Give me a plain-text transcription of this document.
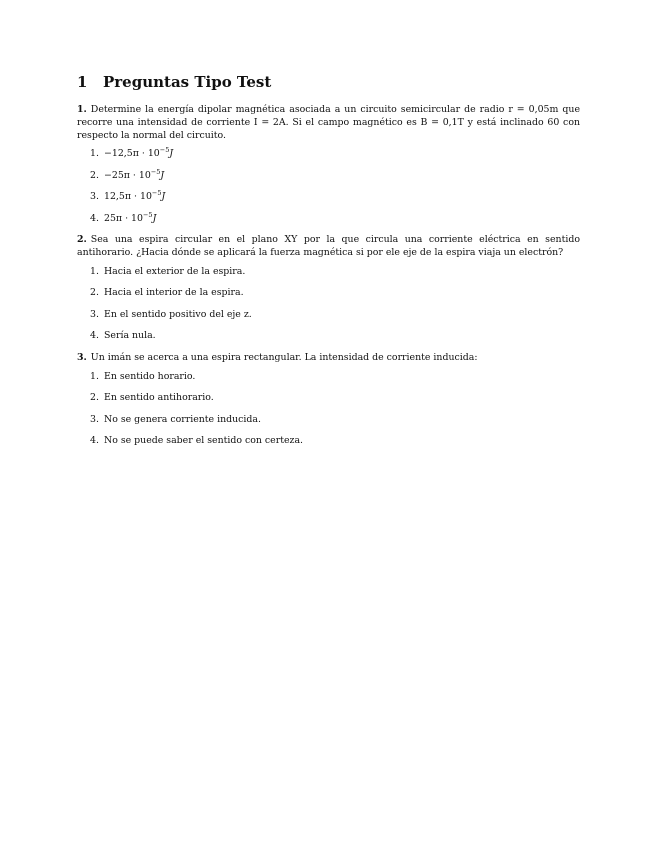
1 Preguntas Tipo Test

1. Determine la energía dipolar magnética asociada a un circuito semicircular de radio r = 0,05m que recorre una intensidad de corriente I = 2A. Si el campo magnético es B = 0,1T y está inclinado 60 con respecto la normal del circuito.

1. $-12,5\pi \cdot 10^{-5}J$
2. $-25\pi \cdot 10^{-5}J$
3. $12,5\pi \cdot 10^{-5}J$
4. $25\pi \cdot 10^{-5}J$

2. Sea una espira circular en el plano XY por la que circula una corriente eléctrica en sentido antihorario. ¿Hacia dónde se aplicará la fuerza magnética si por ele eje de la espira viaja un electrón?

1. Hacia el exterior de la espira.
2. Hacia el interior de la espira.
3. En el sentido positivo del eje z.
4. Sería nula.

3. Un imán se acerca a una espira rectangular. La intensidad de corriente inducida:

1. En sentido horario.
2. En sentido antihorario.
3. No se genera corriente inducida.
4. No se puede saber el sentido con certeza.
